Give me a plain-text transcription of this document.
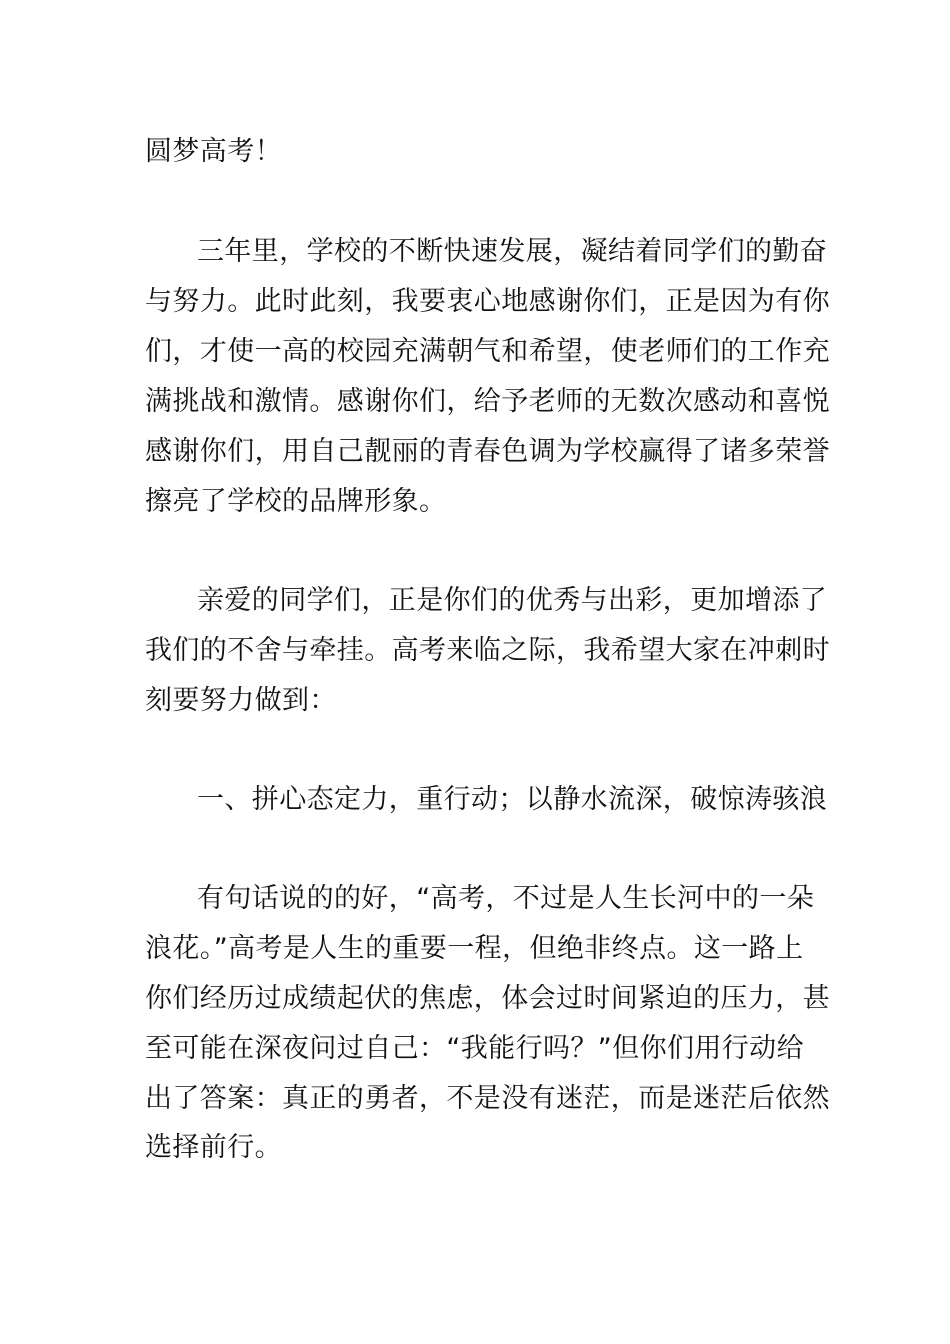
圆梦高考！
三年里，学校的不断快速发展，凝结着同学们的勤奋
与努力。此时此刻，我要衷心地感谢你们，正是因为有你
们，才使一高的校园充满朝气和希望，使老师们的工作充
满挑战和激情。感谢你们，给予老师的无数次感动和喜悦
感谢你们，用自己靓丽的青春色调为学校赢得了诸多荣誉
擦亮了学校的品牌形象。
亲爱的同学们，正是你们的优秀与出彩，更加增添了
我们的不舍与牵挂。高考来临之际，我希望大家在冲刺时
刻要努力做到：
一、拼心态定力，重行动；以静水流深，破惊涛骇浪
有句话说的的好，“高考，不过是人生长河中的一朵
浪花。”高考是人生的重要一程，但绝非终点。这一路上
你们经历过成绩起伏的焦虑，体会过时间紧迫的压力，甚
至可能在深夜问过自己：“我能行吗？”但你们用行动给
出了答案：真正的勇者，不是没有迷茫，而是迷茫后依然
选择前行。
